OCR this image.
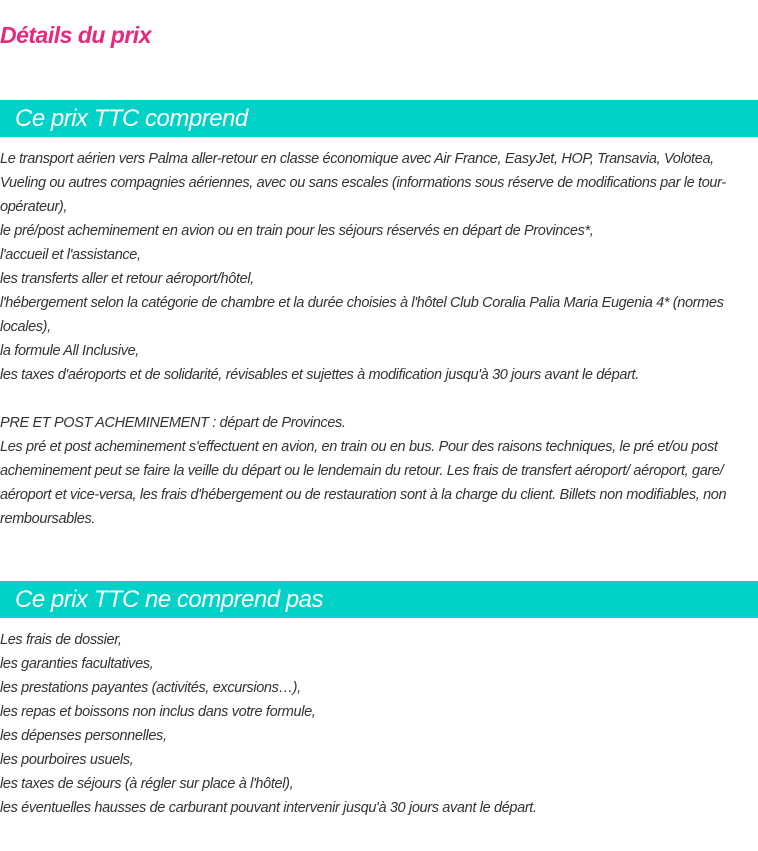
Détails du prix
Ce prix TTC comprend

Le transport aérien vers Palma aller-retour en classe économique avec Air France, EasyJet, HOP, Transavia, Volotea, Vueling ou autres compagnies aériennes, avec ou sans escales (informations sous réserve de modifications par le tour-opérateur),

le pré/post acheminement en avion ou en train pour les séjours réservés en départ de Provinces*,

l'accueil et l'assistance,

les transferts aller et retour aéroport/hôtel,

l'hébergement selon la catégorie de chambre et la durée choisies à l'hôtel Club Coralia Palia Maria Eugenia 4* (normes locales),

la formule All Inclusive,

les taxes d'aéroports et de solidarité, révisables et sujettes à modification jusqu'à 30 jours avant le départ.

PRE ET POST ACHEMINEMENT : départ de Provinces.

Les pré et post acheminement s'effectuent en avion, en train ou en bus. Pour des raisons techniques, le pré et/ou post acheminement peut se faire la veille du départ ou le lendemain du retour. Les frais de transfert aéroport/ aéroport, gare/ aéroport et vice-versa, les frais d'hébergement ou de restauration sont à la charge du client. Billets non modifiables, non remboursables.

Ce prix TTC ne comprend pas

Les frais de dossier,

les garanties facultatives,

les prestations payantes (activités, excursions…),

les repas et boissons non inclus dans votre formule,

les dépenses personnelles,

les pourboires usuels,

les taxes de séjours (à régler sur place à l'hôtel),

les éventuelles hausses de carburant pouvant intervenir jusqu'à 30 jours avant le départ.
